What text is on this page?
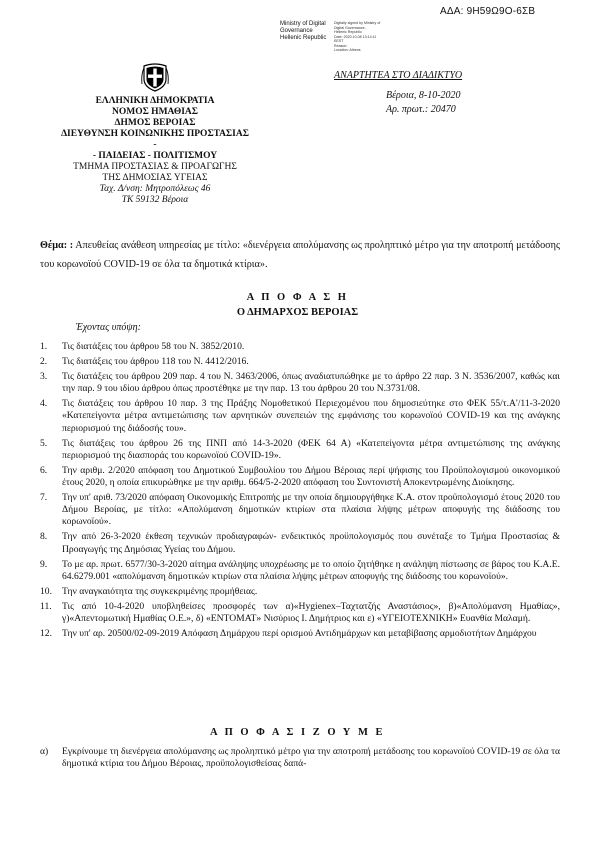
ΑΔΑ: 9Η59Ω9Ο-6ΣΒ
Ministry of Digital
Governance
Hellenic Republic
Digitally signed by Ministry of
Digital Governance,
Hellenic Republic
Date: 2020.10.08 13:14:11
EEST
Reason:
Location: Athens
ΕΛΛΗΝΙΚΗ ΔΗΜΟΚΡΑΤΙΑ
ΝΟΜΟΣ ΗΜΑΘΙΑΣ
ΔΗΜΟΣ ΒΕΡΟΙΑΣ
ΔΙΕΥΘΥΝΣΗ ΚΟΙΝΩΝΙΚΗΣ ΠΡΟΣΤΑΣΙΑΣ -
- ΠΑΙΔΕΙΑΣ - ΠΟΛΙΤΙΣΜΟΥ
ΤΜΗΜΑ ΠΡΟΣΤΑΣΙΑΣ & ΠΡΟΑΓΩΓΗΣ
ΤΗΣ ΔΗΜΟΣΙΑΣ ΥΓΕΙΑΣ
Ταχ. Δ/νση: Μητροπόλεως 46
ΤΚ 59132 Βέροια
ΑΝΑΡΤΗΤΕΑ ΣΤΟ ΔΙΑΔΙΚΤΥΟ
Βέροια, 8-10-2020
Αρ. πρωτ.: 20470
Θέμα: : Απευθείας ανάθεση υπηρεσίας με τίτλο: «διενέργεια απολύμανσης ως προληπτικό μέτρο για την αποτροπή μετάδοσης του κορωνοϊού COVID-19 σε όλα τα δημοτικά κτίρια».
Α Π Ο Φ Α Σ Η
Ο ΔΗΜΑΡΧΟΣ ΒΕΡΟΙΑΣ
Έχοντας υπόψη:
1. Τις διατάξεις του άρθρου 58 του Ν. 3852/2010.
2. Τις διατάξεις του άρθρου 118 του Ν. 4412/2016.
3. Τις διατάξεις του άρθρου 209 παρ. 4 του Ν. 3463/2006, όπως αναδιατυπώθηκε με το άρθρο 22 παρ. 3 Ν. 3536/2007, καθώς και την παρ. 9 του ιδίου άρθρου όπως προστέθηκε με την παρ. 13 του άρθρου 20 του Ν.3731/08.
4. Τις διατάξεις του άρθρου 10 παρ. 3 της Πράξης Νομοθετικού Περιεχομένου που δημοσιεύτηκε στο ΦΕΚ 55/τ.Α'/11-3-2020 «Κατεπείγοντα μέτρα αντιμετώπισης των αρνητικών συνεπειών της εμφάνισης του κορωνοϊού COVID-19 και της ανάγκης περιορισμού της διάδοσής του».
5. Τις διατάξεις του άρθρου 26 της ΠΝΠ από 14-3-2020 (ΦΕΚ 64 Α) «Κατεπείγοντα μέτρα αντιμετώπισης της ανάγκης περιορισμού της διασποράς του κορωνοϊού COVID-19».
6. Την αριθμ. 2/2020 απόφαση του Δημοτικού Συμβουλίου του Δήμου Βέροιας περί ψήφισης του Προϋπολογισμού οικονομικού έτους 2020, η οποία επικυρώθηκε με την αριθμ. 664/5-2-2020 απόφαση του Συντονιστή Αποκεντρωμένης Διοίκησης.
7. Την υπ' αριθ. 73/2020 απόφαση Οικονομικής Επιτροπής με την οποία δημιουργήθηκε Κ.Α. στον προϋπολογισμό έτους 2020 του Δήμου Βεροίας, με τίτλο: «Απολύμανση δημοτικών κτιρίων στα πλαίσια λήψης μέτρων αποφυγής της διάδοσης του κορωνοϊού».
8. Την από 26-3-2020 έκθεση τεχνικών προδιαγραφών- ενδεικτικός προϋπολογισμός που συνέταξε το Τμήμα Προστασίας & Προαγωγής της Δημόσιας Υγείας του Δήμου.
9. Το με αρ. πρωτ. 6577/30-3-2020 αίτημα ανάληψης υποχρέωσης με το οποίο ζητήθηκε η ανάληψη πίστωσης σε βάρος του Κ.Α.Ε. 64.6279.001 «απολύμανση δημοτικών κτιρίων στα πλαίσια λήψης μέτρων αποφυγής της διάδοσης του κορωνοϊού».
10. Την αναγκαιότητα της συγκεκριμένης προμήθειας.
11. Τις από 10-4-2020 υποβληθείσες προσφορές των α)«Hygienex–Ταχτατζής Αναστάσιος», β)«Απολύμανση Ημαθίας», γ)«Απεντομωτική Ημαθίας Ο.Ε.», δ) «ΕΝΤΟΜΑΤ» Νισύριος Ι. Δημήτριος και ε) «ΥΓΕΙΟΤΕΧΝΙΚΗ» Ευανθία Μαλαμή.
12. Την υπ' αρ. 20500/02-09-2019 Απόφαση Δημάρχου περί ορισμού Αντιδημάρχων και μεταβίβασης αρμοδιοτήτων Δημάρχου
Α Π Ο Φ Α Σ Ι Ζ Ο Υ Μ Ε
α) Εγκρίνουμε τη διενέργεια απολύμανσης ως προληπτικό μέτρο για την αποτροπή μετάδοσης του κορωνοϊού COVID-19 σε όλα τα δημοτικά κτίρια του Δήμου Βέροιας, προϋπολογισθείσας δαπά-
